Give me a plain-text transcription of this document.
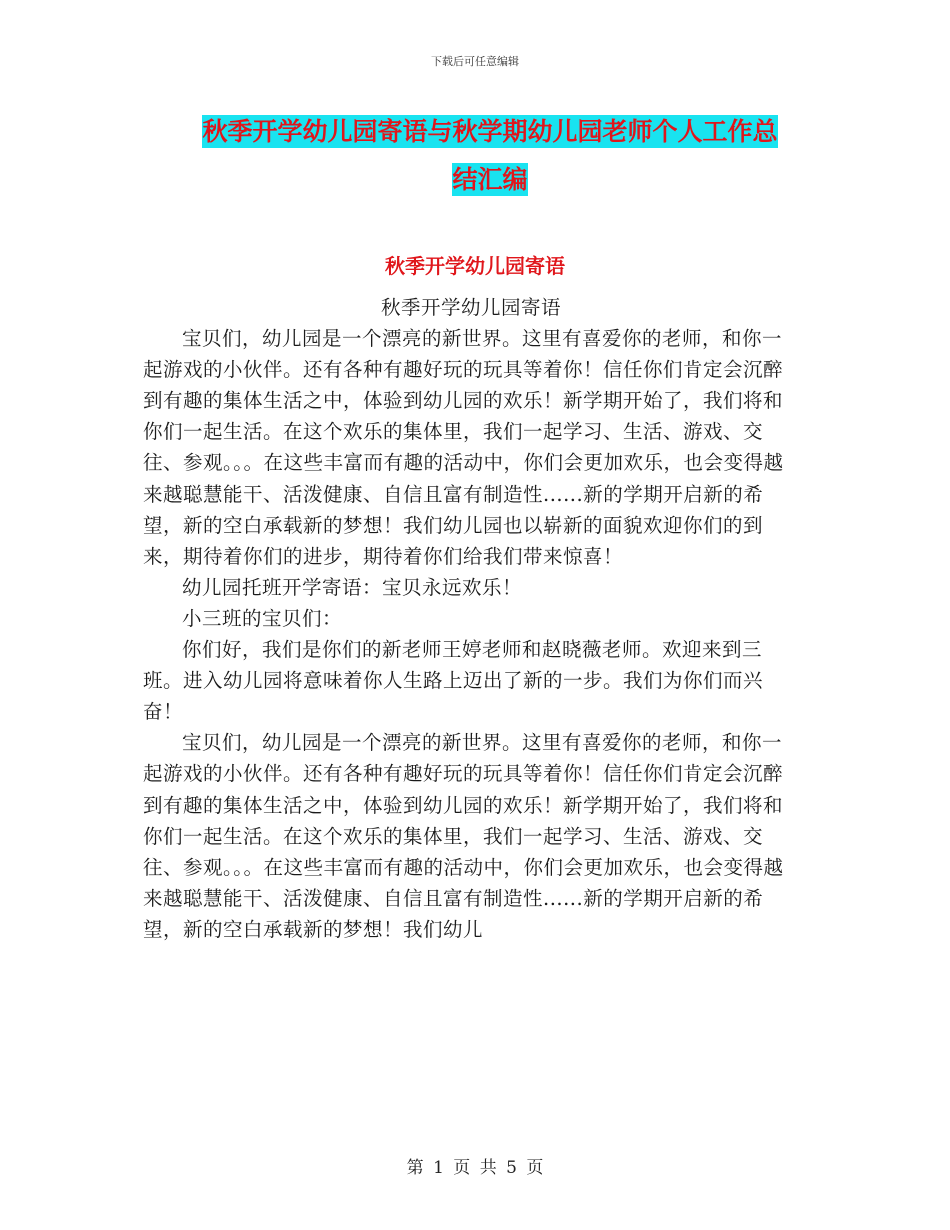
下载后可任意编辑
秋季开学幼儿园寄语与秋学期幼儿园老师个人工作总
结汇编
秋季开学幼儿园寄语

秋季开学幼儿园寄语

宝贝们，幼儿园是一个漂亮的新世界。这里有喜爱你的老师，和你一起游戏的小伙伴。还有各种有趣好玩的玩具等着你！信任你们肯定会沉醉到有趣的集体生活之中，体验到幼儿园的欢乐！新学期开始了，我们将和你们一起生活。在这个欢乐的集体里，我们一起学习、生活、游戏、交往、参观。。。在这些丰富而有趣的活动中，你们会更加欢乐，也会变得越来越聪慧能干、活泼健康、自信且富有制造性......新的学期开启新的希望，新的空白承载新的梦想！我们幼儿园也以崭新的面貌欢迎你们的到来，期待着你们的进步，期待着你们给我们带来惊喜！

幼儿园托班开学寄语：宝贝永远欢乐！

小三班的宝贝们：

你们好，我们是你们的新老师王婷老师和赵晓薇老师。欢迎来到三班。进入幼儿园将意味着你人生路上迈出了新的一步。我们为你们而兴奋！

宝贝们，幼儿园是一个漂亮的新世界。这里有喜爱你的老师，和你一起游戏的小伙伴。还有各种有趣好玩的玩具等着你！信任你们肯定会沉醉到有趣的集体生活之中，体验到幼儿园的欢乐！新学期开始了，我们将和你们一起生活。在这个欢乐的集体里，我们一起学习、生活、游戏、交往、参观。。。在这些丰富而有趣的活动中，你们会更加欢乐，也会变得越来越聪慧能干、活泼健康、自信且富有制造性......新的学期开启新的希望，新的空白承载新的梦想！我们幼儿

第 1 页 共 5 页
